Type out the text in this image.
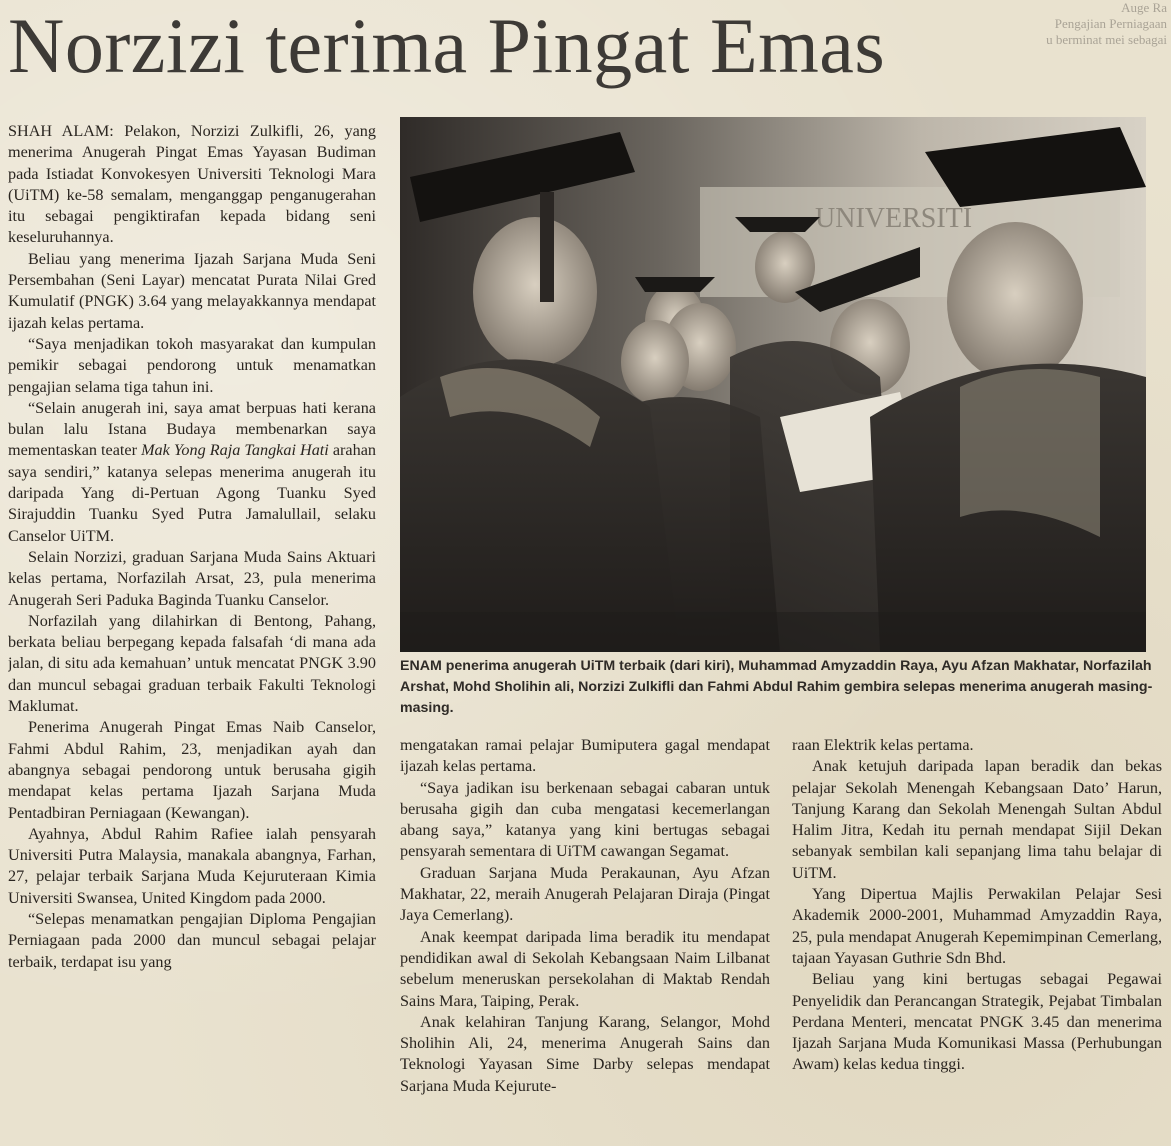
Norzizi terima Pingat Emas	Auge Ra
Pengajian Perniagaan
u berminat mei sebagai

SHAH ALAM: Pelakon, Norzizi Zulkifli, 26, yang menerima Anugerah Pingat Emas Yayasan Budiman pada Istiadat Konvokesyen Universiti Teknologi Mara (UiTM) ke-58 semalam, menganggap penganugerahan itu sebagai pengiktirafan kepada bidang seni keseluruhannya.

Beliau yang menerima Ijazah Sarjana Muda Seni Persembahan (Seni Layar) mencatat Purata Nilai Gred Kumulatif (PNGK) 3.64 yang melayakkannya mendapat ijazah kelas pertama.

“Saya menjadikan tokoh masyarakat dan kumpulan pemikir sebagai pendorong untuk menamatkan pengajian selama tiga tahun ini.

“Selain anugerah ini, saya amat berpuas hati kerana bulan lalu Istana Budaya membenarkan saya mementaskan teater Mak Yong Raja Tangkai Hati arahan saya sendiri,” katanya selepas menerima anugerah itu daripada Yang di-Pertuan Agong Tuanku Syed Sirajuddin Tuanku Syed Putra Jamalullail, selaku Canselor UiTM.

Selain Norzizi, graduan Sarjana Muda Sains Aktuari kelas pertama, Norfazilah Arsat, 23, pula menerima Anugerah Seri Paduka Baginda Tuanku Canselor.

Norfazilah yang dilahirkan di Bentong, Pahang, berkata beliau berpegang kepada falsafah ‘di mana ada jalan, di situ ada kemahuan’ untuk mencatat PNGK 3.90 dan muncul sebagai graduan terbaik Fakulti Teknologi Maklumat.

Penerima Anugerah Pingat Emas Naib Canselor, Fahmi Abdul Rahim, 23, menjadikan ayah dan abangnya sebagai pendorong untuk berusaha gigih mendapat kelas pertama Ijazah Sarjana Muda Pentadbiran Perniagaan (Kewangan).

Ayahnya, Abdul Rahim Rafiee ialah pensyarah Universiti Putra Malaysia, manakala abangnya, Farhan, 27, pelajar terbaik Sarjana Muda Kejuruteraan Kimia Universiti Swansea, United Kingdom pada 2000.

“Selepas menamatkan pengajian Diploma Pengajian Perniagaan pada 2000 dan muncul sebagai pelajar terbaik, terdapat isu yang

UNIVERSITI

ENAM penerima anugerah UiTM terbaik (dari kiri), Muhammad Amyzaddin Raya, Ayu Afzan Makhatar, Norfazilah Arshat, Mohd Sholihin ali, Norzizi Zulkifli dan Fahmi Abdul Rahim gembira selepas menerima anugerah masing-masing.

mengatakan ramai pelajar Bumiputera gagal mendapat ijazah kelas pertama.

“Saya jadikan isu berkenaan sebagai cabaran untuk berusaha gigih dan cuba mengatasi kecemerlangan abang saya,” katanya yang kini bertugas sebagai pensyarah sementara di UiTM cawangan Segamat.

Graduan Sarjana Muda Perakaunan, Ayu Afzan Makhatar, 22, meraih Anugerah Pelajaran Diraja (Pingat Jaya Cemerlang).

Anak keempat daripada lima beradik itu mendapat pendidikan awal di Sekolah Kebangsaan Naim Lilbanat sebelum meneruskan persekolahan di Maktab Rendah Sains Mara, Taiping, Perak.

Anak kelahiran Tanjung Karang, Selangor, Mohd Sholihin Ali, 24, menerima Anugerah Sains dan Teknologi Yayasan Sime Darby selepas mendapat Sarjana Muda Kejurute-

raan Elektrik kelas pertama.

Anak ketujuh daripada lapan beradik dan bekas pelajar Sekolah Menengah Kebangsaan Dato’ Harun, Tanjung Karang dan Sekolah Menengah Sultan Abdul Halim Jitra, Kedah itu pernah mendapat Sijil Dekan sebanyak sembilan kali sepanjang lima tahu belajar di UiTM.

Yang Dipertua Majlis Perwakilan Pelajar Sesi Akademik 2000-2001, Muhammad Amyzaddin Raya, 25, pula mendapat Anugerah Kepemimpinan Cemerlang, tajaan Yayasan Guthrie Sdn Bhd.

Beliau yang kini bertugas sebagai Pegawai Penyelidik dan Perancangan Strategik, Pejabat Timbalan Perdana Menteri, mencatat PNGK 3.45 dan menerima Ijazah Sarjana Muda Komunikasi Massa (Perhubungan Awam) kelas kedua tinggi.
